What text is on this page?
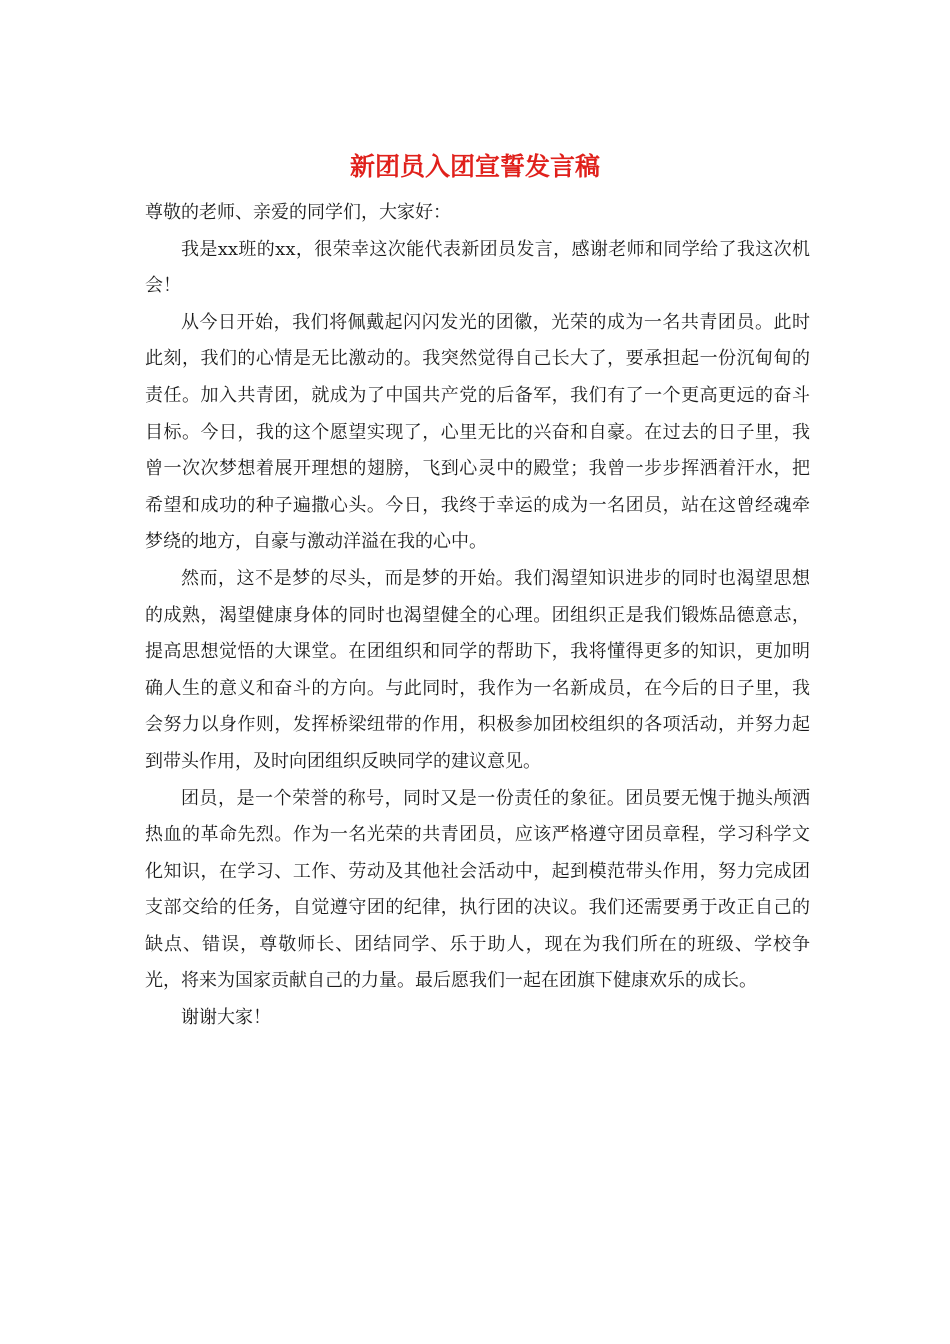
新团员入团宣誓发言稿

尊敬的老师、亲爱的同学们，大家好：

我是xx班的xx，很荣幸这次能代表新团员发言，感谢老师和同学给了我这次机会！

从今日开始，我们将佩戴起闪闪发光的团徽，光荣的成为一名共青团员。此时此刻，我们的心情是无比激动的。我突然觉得自己长大了，要承担起一份沉甸甸的责任。加入共青团，就成为了中国共产党的后备军，我们有了一个更高更远的奋斗目标。今日，我的这个愿望实现了，心里无比的兴奋和自豪。在过去的日子里，我曾一次次梦想着展开理想的翅膀，飞到心灵中的殿堂；我曾一步步挥洒着汗水，把希望和成功的种子遍撒心头。今日，我终于幸运的成为一名团员，站在这曾经魂牵梦绕的地方，自豪与激动洋溢在我的心中。

然而，这不是梦的尽头，而是梦的开始。我们渴望知识进步的同时也渴望思想的成熟，渴望健康身体的同时也渴望健全的心理。团组织正是我们锻炼品德意志，提高思想觉悟的大课堂。在团组织和同学的帮助下，我将懂得更多的知识，更加明确人生的意义和奋斗的方向。与此同时，我作为一名新成员，在今后的日子里，我会努力以身作则，发挥桥梁纽带的作用，积极参加团校组织的各项活动，并努力起到带头作用，及时向团组织反映同学的建议意见。

团员，是一个荣誉的称号，同时又是一份责任的象征。团员要无愧于抛头颅洒热血的革命先烈。作为一名光荣的共青团员，应该严格遵守团员章程，学习科学文化知识，在学习、工作、劳动及其他社会活动中，起到模范带头作用，努力完成团支部交给的任务，自觉遵守团的纪律，执行团的决议。我们还需要勇于改正自己的缺点、错误，尊敬师长、团结同学、乐于助人，现在为我们所在的班级、学校争光，将来为国家贡献自己的力量。最后愿我们一起在团旗下健康欢乐的成长。

谢谢大家！
